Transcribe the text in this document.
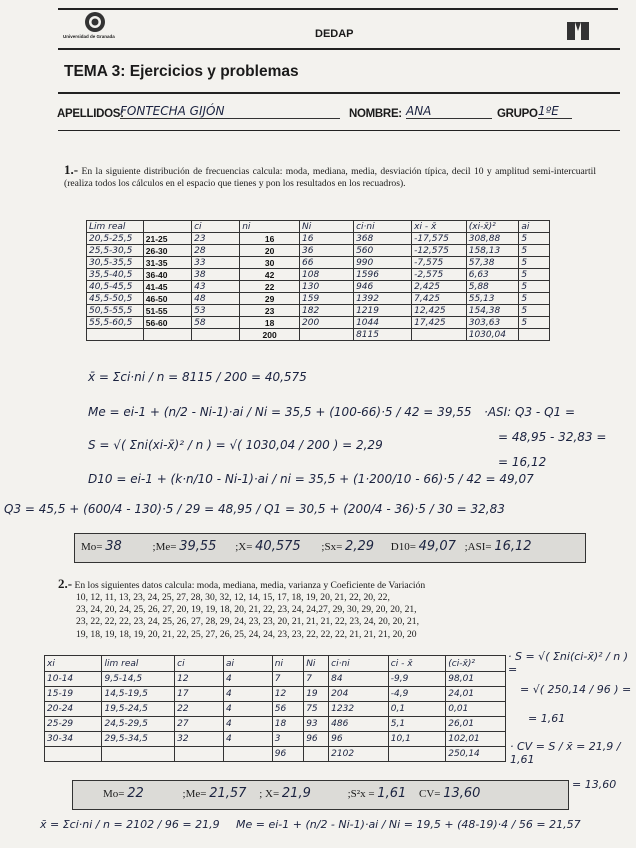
Universidad de Granada	DEDAP
TEMA 3: Ejercicios y problemas
APELLIDOS:
FONTECHA GIJÓN	NOMBRE: ANA	GRUPO 1ºE
1.- En la siguiente distribución de frecuencias calcula: moda, mediana, media, desviación típica, decil 10 y amplitud semi-intercuartil (realiza todos los cálculos en el espacio que tienes y pon los resultados en los recuadros).
Lim real		ci	ni	Ni	ci·ni	xi - x̄	(xi-x̄)²	ai
20,5-25,5	21-25	23	16	16	368	-17,575	308,88	5
25,5-30,5	26-30	28	20	36	560	-12,575	158,13	5
30,5-35,5	31-35	33	30	66	990	-7,575	57,38	5
35,5-40,5	36-40	38	42	108	1596	-2,575	6,63	5
40,5-45,5	41-45	43	22	130	946	2,425	5,88	5
45,5-50,5	46-50	48	29	159	1392	7,425	55,13	5
50,5-55,5	51-55	53	23	182	1219	12,425	154,38	5
55,5-60,5	56-60	58	18	200	1044	17,425	303,63	5
			200		8115		1030,04	
x̄ = Σci·ni / n = 8115 / 200 = 40,575
Me = ei-1 + (n/2 - Ni-1)·ai / Ni = 35,5 + (100-66)·5 / 42 = 39,55
S = √( Σni(xi-x̄)² / n ) = √( 1030,04 / 200 ) = 2,29
D10 = ei-1 + (k·n/10 - Ni-1)·ai / ni = 35,5 + (1·200/10 - 66)·5 / 42 = 49,07
Q3 = 45,5 + (600/4 - 130)·5 / 29 = 48,95 / Q1 = 30,5 + (200/4 - 36)·5 / 30 = 32,83
·ASI: Q3 - Q1 =
= 48,95 - 32,83 =
= 16,12
Mo= 38	;Me= 39,55 ;X= 40,575 ;Sx= 2,29 D10= 49,07 ;ASI= 16,12
2.- En los siguientes datos calcula: moda, mediana, media, varianza y Coeficiente de Variación
10, 12, 11, 13, 23, 24, 25, 27, 28, 30, 32, 12, 14, 15, 17, 18, 19, 20, 21, 22, 20, 22,
23, 24, 20, 24, 25, 26, 27, 20, 19, 19, 18, 20, 21, 22, 23, 24, 24,27, 29, 30, 29, 20, 20, 21,
23, 22, 22, 22, 23, 24, 25, 26, 27, 28, 29, 24, 23, 23, 20, 21, 21, 21, 22, 23, 24, 20, 20, 21,
19, 18, 19, 18, 19, 20, 21, 22, 25, 27, 26, 25, 24, 24, 23, 23, 22, 22, 22, 21, 21, 21, 20, 20
xi	lim real	ci	ai	ni	Ni	ci·ni	ci - x̄	(ci-x̄)²
10-14	9,5-14,5	12	4	7	7	84	-9,9	98,01
15-19	14,5-19,5	17	4	12	19	204	-4,9	24,01
20-24	19,5-24,5	22	4	56	75	1232	0,1	0,01
25-29	24,5-29,5	27	4	18	93	486	5,1	26,01
30-34	29,5-34,5	32	4	3	96	96	10,1	102,01
				96		2102		250,14
· S = √( Σni(ci-x̄)² / n ) =
= √( 250,14 / 96 ) =
= 1,61
· CV = S / x̄ = 21,9 / 1,61
= 13,60
Mo= 22	;Me= 21,57 ; X= 21,9	;S²x = 1,61 CV= 13,60
x̄ = Σci·ni / n = 2102 / 96 = 21,9 Me = ei-1 + (n/2 - Ni-1)·ai / Ni = 19,5 + (48-19)·4 / 56 = 21,57
